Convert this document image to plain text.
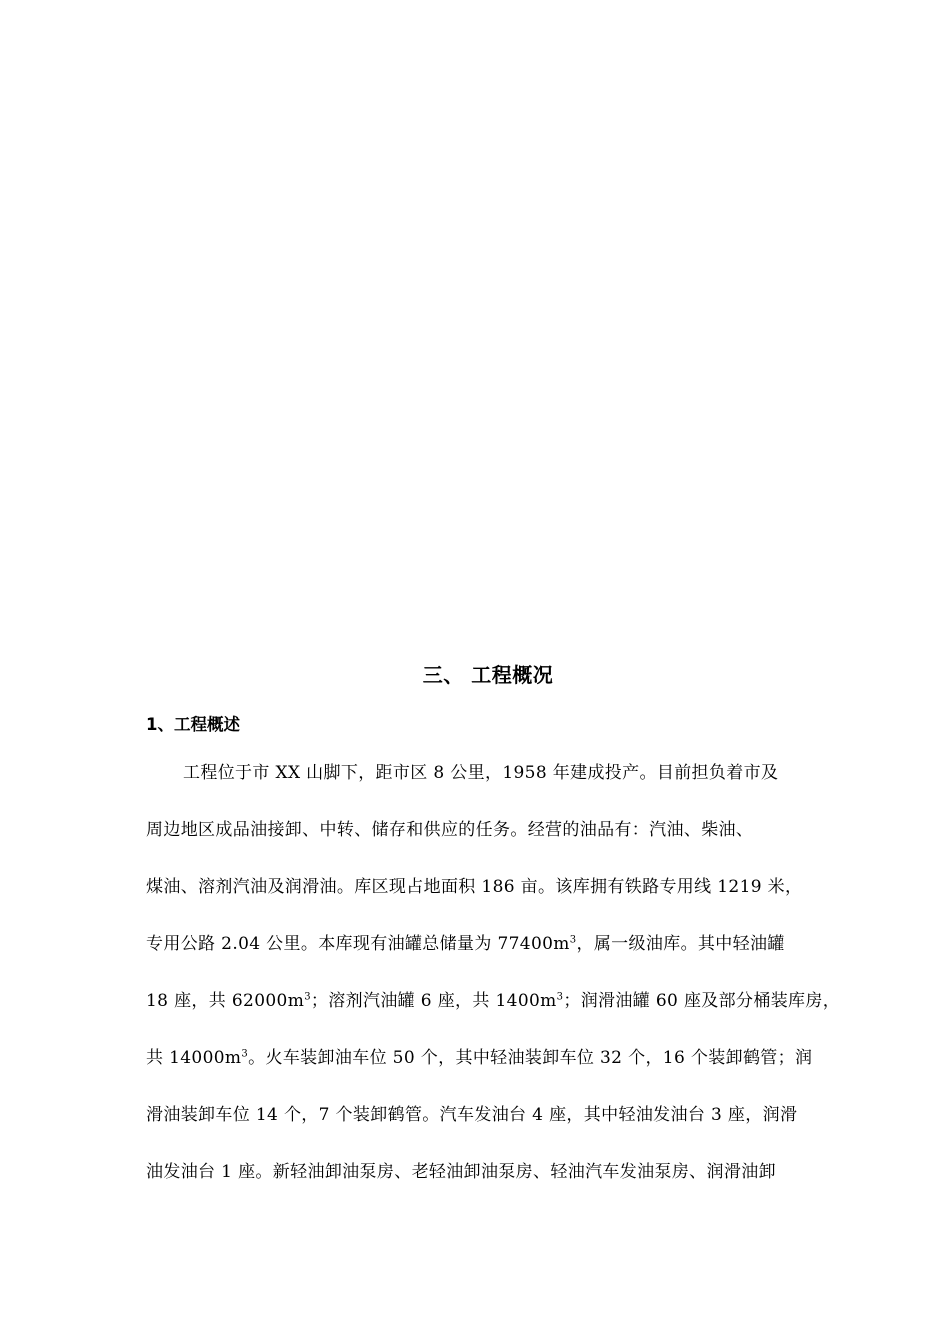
三、 工程概况
1、工程概述
工程位于市 XX 山脚下，距市区 8 公里，1958 年建成投产。目前担负着市及
周边地区成品油接卸、中转、储存和供应的任务。经营的油品有：汽油、柴油、
煤油、溶剂汽油及润滑油。库区现占地面积 186 亩。该库拥有铁路专用线 1219 米，
专用公路 2.04 公里。本库现有油罐总储量为 $77400m^3$，属一级油库。其中轻油罐
18 座，共 $62000m^3$；溶剂汽油罐 6 座，共 $1400m^3$；润滑油罐 60 座及部分桶装库房，
共 $14000m^3$。火车装卸油车位 50 个，其中轻油装卸车位 32 个，16 个装卸鹤管；润
滑油装卸车位 14 个，7 个装卸鹤管。汽车发油台 4 座，其中轻油发油台 3 座，润滑
油发油台 1 座。新轻油卸油泵房、老轻油卸油泵房、轻油汽车发油泵房、润滑油卸
